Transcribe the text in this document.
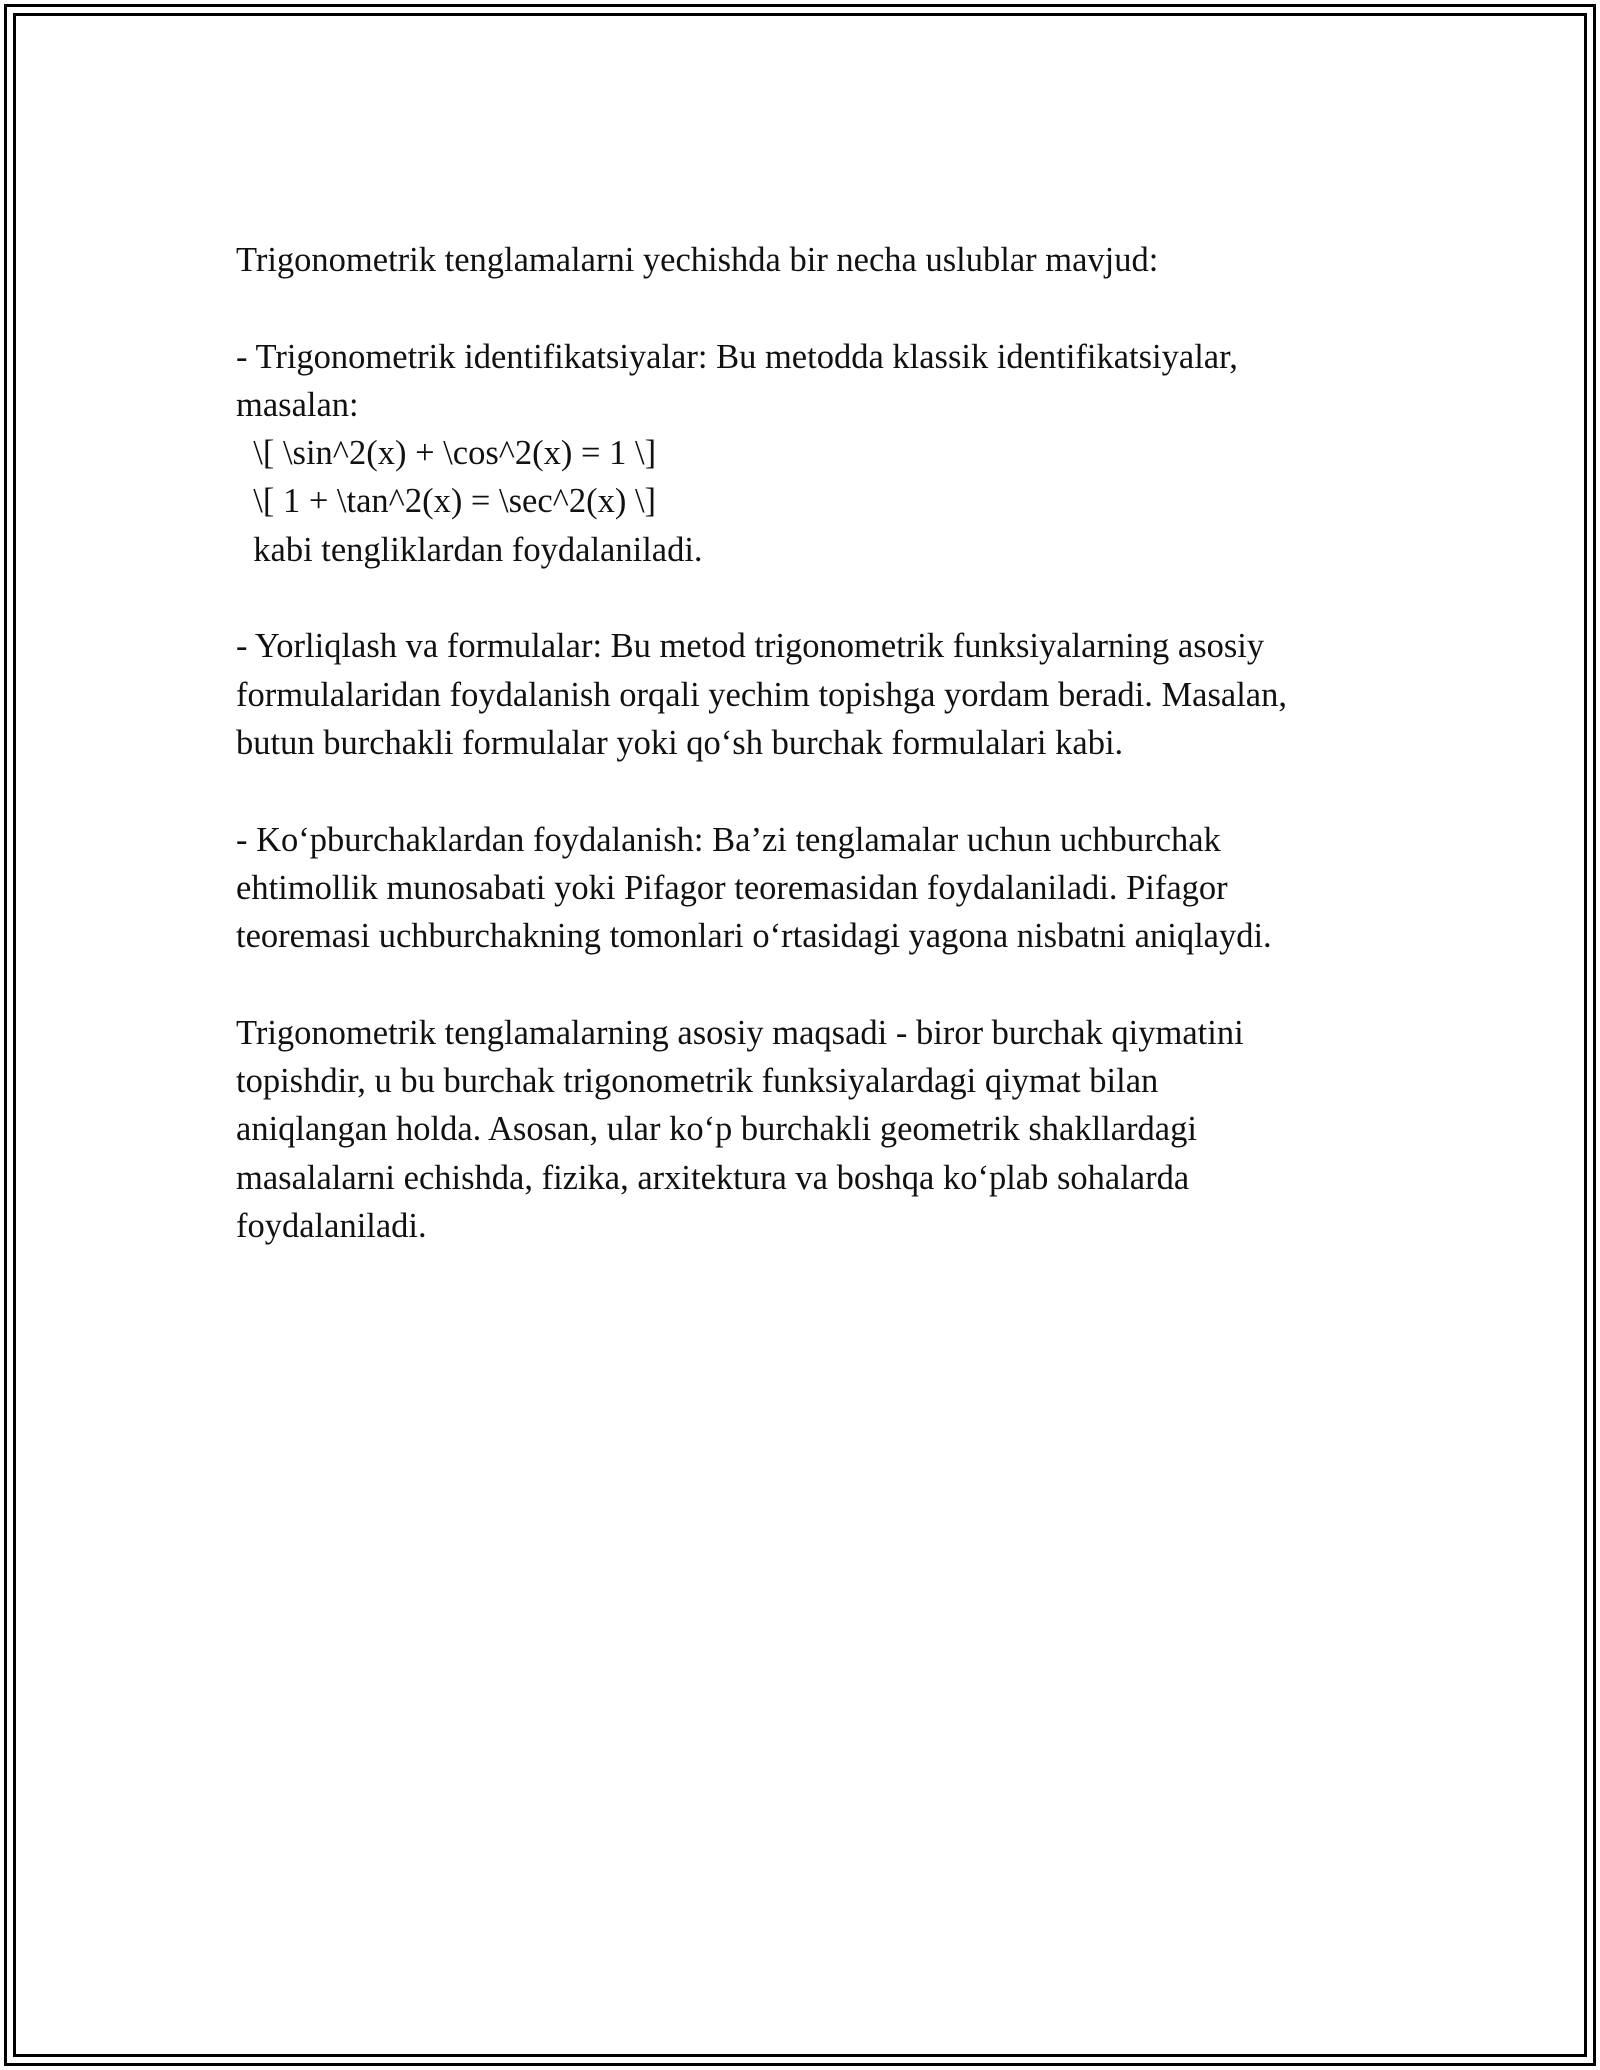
Trigonometrik tenglamalarni yechishda bir necha uslublar mavjud:
- Trigonometrik identifikatsiyalar: Bu metodda klassik identifikatsiyalar,
masalan:
\[ \sin^2(x) + \cos^2(x) = 1 \]
\[ 1 + \tan^2(x) = \sec^2(x) \]
kabi tengliklardan foydalaniladi.
- Yorliqlash va formulalar: Bu metod trigonometrik funksiyalarning asosiy
formulalaridan foydalanish orqali yechim topishga yordam beradi. Masalan,
butun burchakli formulalar yoki qo‘sh burchak formulalari kabi.
- Ko‘pburchaklardan foydalanish: Ba’zi tenglamalar uchun uchburchak
ehtimollik munosabati yoki Pifagor teoremasidan foydalaniladi. Pifagor
teoremasi uchburchakning tomonlari o‘rtasidagi yagona nisbatni aniqlaydi.
Trigonometrik tenglamalarning asosiy maqsadi - biror burchak qiymatini
topishdir, u bu burchak trigonometrik funksiyalardagi qiymat bilan
aniqlangan holda. Asosan, ular ko‘p burchakli geometrik shakllardagi
masalalarni echishda, fizika, arxitektura va boshqa ko‘plab sohalarda
foydalaniladi.
